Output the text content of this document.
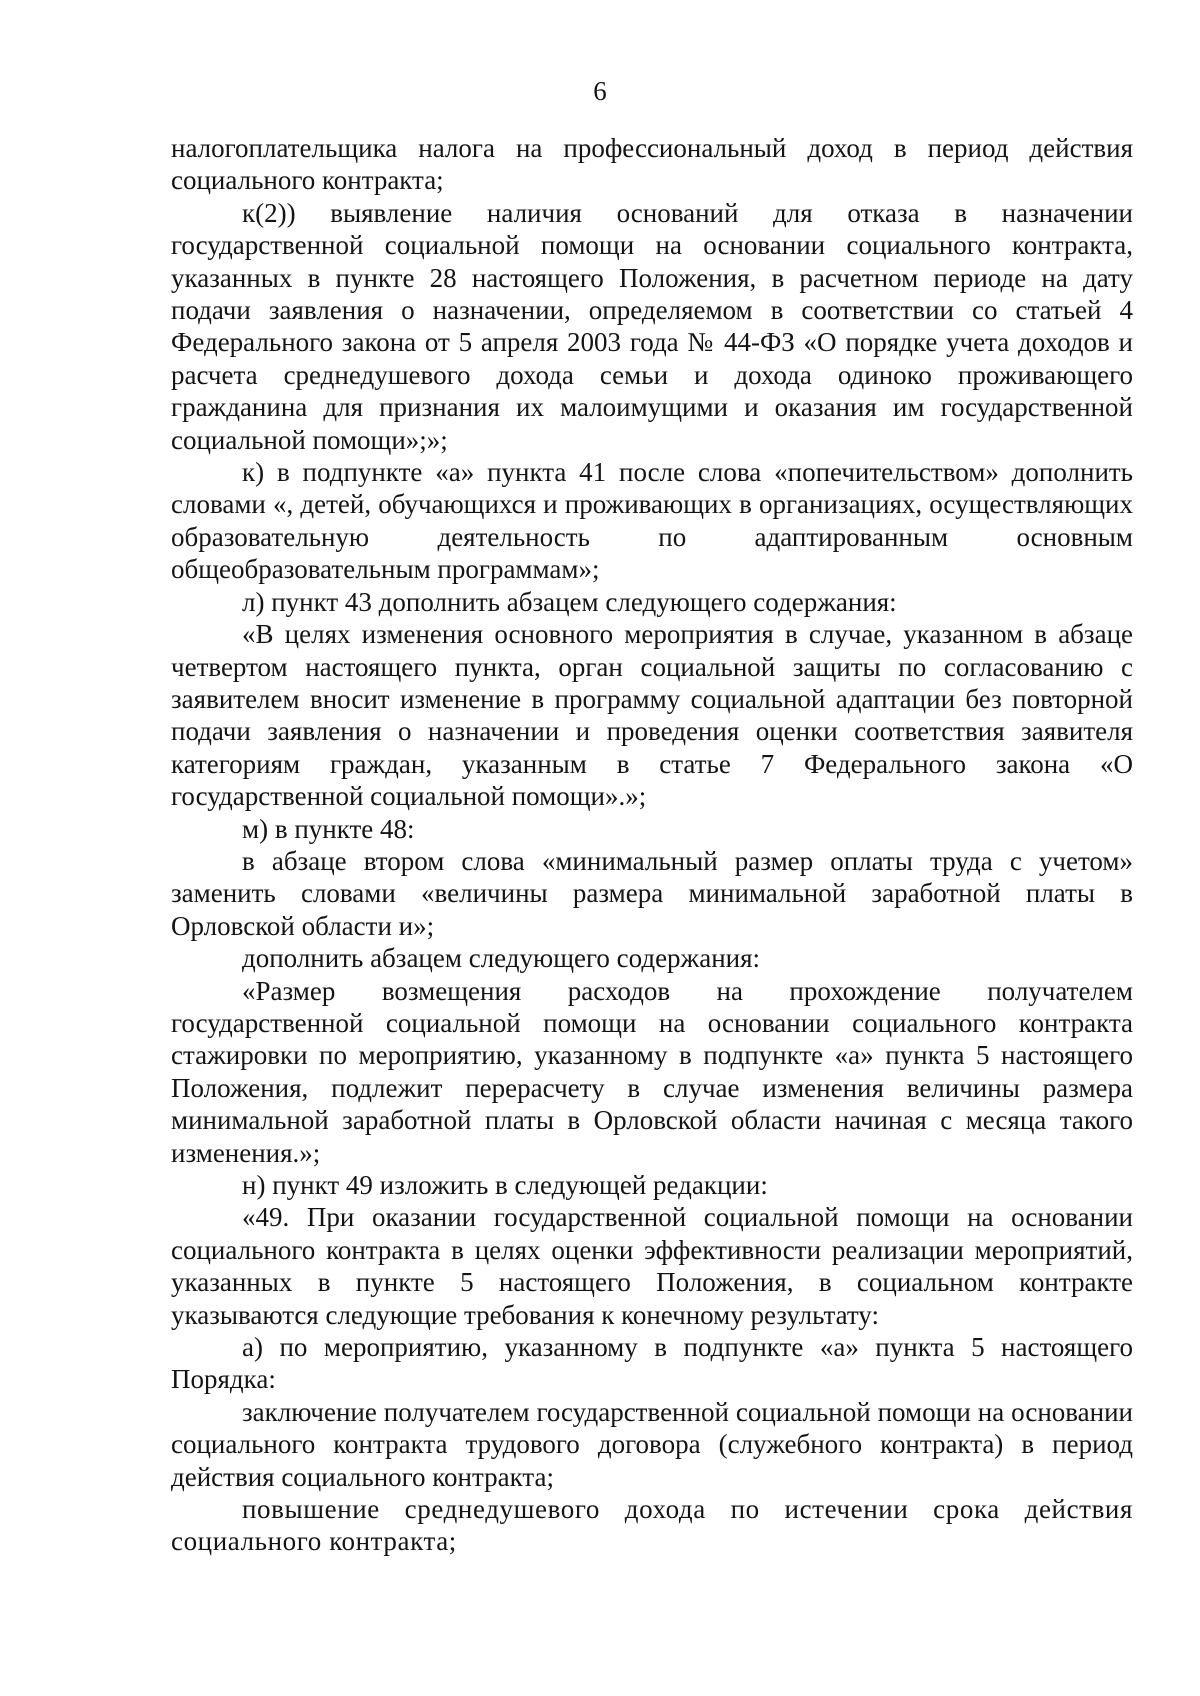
6

налогоплательщика налога на профессиональный доход в период действия социального контракта;

к(2)) выявление наличия оснований для отказа в назначении государственной социальной помощи на основании социального контракта, указанных в пункте 28 настоящего Положения, в расчетном периоде на дату подачи заявления о назначении, определяемом в соответствии со статьей 4 Федерального закона от 5 апреля 2003 года № 44-ФЗ «О порядке учета доходов и расчета среднедушевого дохода семьи и дохода одиноко проживающего гражданина для признания их малоимущими и оказания им государственной социальной помощи»;»;

к) в подпункте «а» пункта 41 после слова «попечительством» дополнить словами «, детей, обучающихся и проживающих в организациях, осуществляющих образовательную деятельность по адаптированным основным общеобразовательным программам»;

л) пункт 43 дополнить абзацем следующего содержания:

«В целях изменения основного мероприятия в случае, указанном в абзаце четвертом настоящего пункта, орган социальной защиты по согласованию с заявителем вносит изменение в программу социальной адаптации без повторной подачи заявления о назначении и проведения оценки соответствия заявителя категориям граждан, указанным в статье 7 Федерального закона «О государственной социальной помощи».»;

м) в пункте 48:

в абзаце втором слова «минимальный размер оплаты труда с учетом» заменить словами «величины размера минимальной заработной платы в Орловской области и»;

дополнить абзацем следующего содержания:

«Размер возмещения расходов на прохождение получателем государственной социальной помощи на основании социального контракта стажировки по мероприятию, указанному в подпункте «а» пункта 5 настоящего Положения, подлежит перерасчету в случае изменения величины размера минимальной заработной платы в Орловской области начиная с месяца такого изменения.»;

н) пункт 49 изложить в следующей редакции:

«49. При оказании государственной социальной помощи на основании социального контракта в целях оценки эффективности реализации мероприятий, указанных в пункте 5 настоящего Положения, в социальном контракте указываются следующие требования к конечному результату:

а) по мероприятию, указанному в подпункте «а» пункта 5 настоящего Порядка:

заключение получателем государственной социальной помощи на основании социального контракта трудового договора (служебного контракта) в период действия социального контракта;

повышение среднедушевого дохода по истечении срока действия социального контракта;
